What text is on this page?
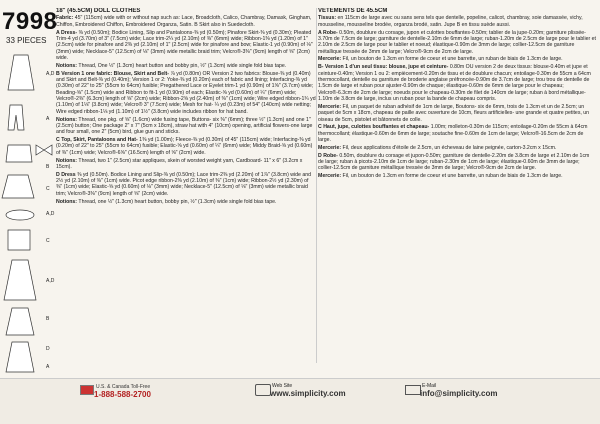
7998
33 PIECES
A,D
A
B
C
A,D
C
A,D
B
D
A
18" (45.5CM) DOLL CLOTHES
Fabric: 45" (115cm) wide with or without nap such as: Lace, Broadcloth, Calico, Chambray, Damask, Gingham, Chiffon, Embroidered Chiffon, Embroidered Organza, Satin. B Skirt also in Suedecloth.
A Dress- ⅜ yd (0.50m); Bodice Lining, Slip and Pantaloons-⅜ yd (0.50m); Pinafore Skirt-⅜ yd (0.30m); Pleated Trim-4 yd (3.70m) of 3" (7.5cm) wide; Lace trim-2¼ yd (2.10m) of ⅜" (6mm) wide; Ribbon-1⅜ yd (1.20m) of 1" (2.5cm) wide for pinafore and 2⅜ yd (2.10m) of 1" (2.5cm) wide for pinafore and bow; Elastic-1 yd (0.90m) of ⅛" (3mm) wide; Necklace-5" (12.5cm) of ⅛" (3mm) wide metallic braid trim; Velcro®-3⅜" (9cm) length of ⅝" (2cm) wide.
Notions: Thread, One ½" (1.3cm) heart button and bobby pin, ½" (1.3cm) wide single fold bias tape.
B Version 1 one fabric: Blouse, Skirt and Belt- ⅞ yd (0.80m) OR Version 2 two fabrics: Blouse-⅜ yd (0.40m) and Skirt and Belt-⅜ yd (0.40m); Version 1 or 2: Yoke-⅜ yd (0.20m) each of fabric and lining; Interfacing-⅜ yd (0.30m) of 22" to 25" (55cm to 64cm) fusible; Pregathered Lace or Eyelet trim-1 yd (0.90m) of 1⅝" (3.7cm) wide; Beading-⅝" (1.5cm) wide and Ribbon to fit-1 yd (0.90m) of each; Elastic-⅝ yd (0.60m) of ¼" (6mm) wide; Velcro®-2⅜" (6.3cm) length of ⅝" (2cm) wide; Ribbon-2⅝ yd (2.40m) of ⅜" (1cm) wide; Wire edged ribbon-1¾ yd (1.10m) of 1⅛" (3.8cm) wide; Velcro® 3" (7.5cm) wide; Mesh for hat- ¼ yd (0.23m) of 54" (140cm) wide netting; Wire edged ribbon-1⅛ yd (1.10m) of 1½" (3.8cm) wide includes ribbon for hat band.
Notions: Thread, one pkg. of ⅝" (1.6cm) wide fusing tape, Buttons- six ⅜" (6mm); three ½" (1.3cm) and one 1" (2.5cm) button; One package 2" x 7" (5cm x 18cm), straw hat with 4" (10cm) opening, artificial flowers-one large and four small, one 2" (5cm) bird, glue gun and sticks.
C Top, Skirt, Pantaloons and Hat- 1⅜ yd (1.00m); Fleece-⅜ yd (0.30m) of 45" (115cm) wide; Interfacing-⅜ yd (0.20m) of 22" to 25" (55cm to 64cm) fusible; Elastic-⅝ yd (0.60m) of ¼" (6mm) wide; Middy Braid-⅝ yd (0.60m) of ⅜" (1cm) wide; Velcro®-6⅝" (16.5cm) length of ⅝" (2cm) wide.
Notions: Thread, two 1" (2.5cm) star appliques, skein of worsted weight yarn, Cardboard- 11" x 6" (3.2cm x 15cm).
D Dress ⅜ yd (0.50m). Bodice Lining and Slip-⅜ yd (0.50m); Lace trim-2⅜ yd (2.20m) of 1⅞" (3.8cm) wide and 2½ yd (2.10m) of ⅜" (1cm) wide. Picot edge ribbon-2⅜ yd (2.10m) of ⅜" (1cm) wide; Ribbon-2½ yd (2.30m) of ⅜" (1cm) wide; Elastic-⅝ yd (0.60m) of ⅛" (3mm) wide; Necklace-5" (12.5cm) of ⅛" (3mm) wide metallic braid trim; Velcro®-3⅜" (9cm) length of ⅝" (2cm) wide.
Notions: Thread, one ½" (1.3cm) heart button, bobby pin, ½" (1.3cm) wide single fold bias tape.
VETEMENTS DE 45.5CM
Tissus: en 115cm de large avec ou sans sens tels que dentelle, popeline, calicot, chambray, soie damassée, vichy, mousseline, mousseline brodée, organza brodé, satin. Jupe B en tissu suède aussi.
A Robe- 0.50m, doublure du corsage, jupon et culottes bouffantes-0.50m; tablier de la jupe-0.20m; garniture plissée-3.70m de 7.5cm de large; garniture de dentelle-2.10m de 6mm de large; ruban-1.20m de 2.5cm de large pour le tablier et 2.10m de 2.5cm de large pour le tablier et noeud; élastique-0.90m de 3mm de large; collier-12.5cm de garniture métallique tressée de 3mm de large; Velcro®-9cm de 2cm de large.
Mercerie: Fil, un bouton de 1.3cm en forme de coeur et une barrette, un ruban de biais de 1.3cm de large.
B- Version 1 d'un seul tissu: blouse, jupe et ceinture- 0.80m OU version 2 de deux tissus: blouse-0.40m et jupe et ceinture-0.40m; Version 1 ou 2: empiècement-0.20m de tissu et de doublure chacun; entoilage-0.30m de 55cm a 64cm thermocollant, dentelle ou garniture de broderie anglaise préfroncée-0.90m de 3.7cm de large; trou trou de dentelle de 1.5cm de large et ruban pour ajuster-0.90m de chaque; élastique-0.60m de 6mm de large pour le chapeau; Velcro®-6.3cm de 2cm de large; noeuds pour le chapeau-0.30m de filet de 140cm de large; ruban à bord métallique-1.10m de 3.8cm de large, inclus un ruban pour la bande de chapeau compris.
Mercerie: Fil, un paquet de ruban adhésif de 1cm de large, Boutons- six de 6mm, trois de 1.3cm et un de 2.5cm; un paquet de 5cm x 18cm, chapeau de paille avec ouverture de 10cm, fleurs artificielles- une grande et quatre petites, un oiseau de 5cm, pistolet et bâtonnets de colle.
C Haut, jupe, culottes bouffantes et chapeau- 1.00m; molleton-0.30m de 115cm; entoilage-0.20m de 55cm à 64cm thermocollant; élastique-0.60m de 6mm de large; soutache fine-0.60m de 1cm de large; Velcro®-16.5cm de 2cm de large.
Mercerie: Fil, deux applications d'étoile de 2.5cm, un écheveau de laine peignée, carton-3.2cm x 15cm.
D Robe- 0.50m, doublure du corsage et jupon-0.50m; garniture de dentelle-2.20m de 3.8cm de large et 2.10m de 1cm de large; ruban à picots-2.10m de 1cm de large; ruban-2.30m de 1cm de large; élastique-0.60m de 3mm de large; collier-12.5cm de garniture métallique tressée de 3mm de large; Velcro®-9cm de 2cm de large.
Mercerie: Fil, un bouton de 1.3cm en forme de coeur et une barrette, un ruban de biais de 1.3cm de large.
U.S. & Canada Toll-Free
1-888-588-2700
Web Site
www.simplicity.com
E-Mail
info@simplicity.com
